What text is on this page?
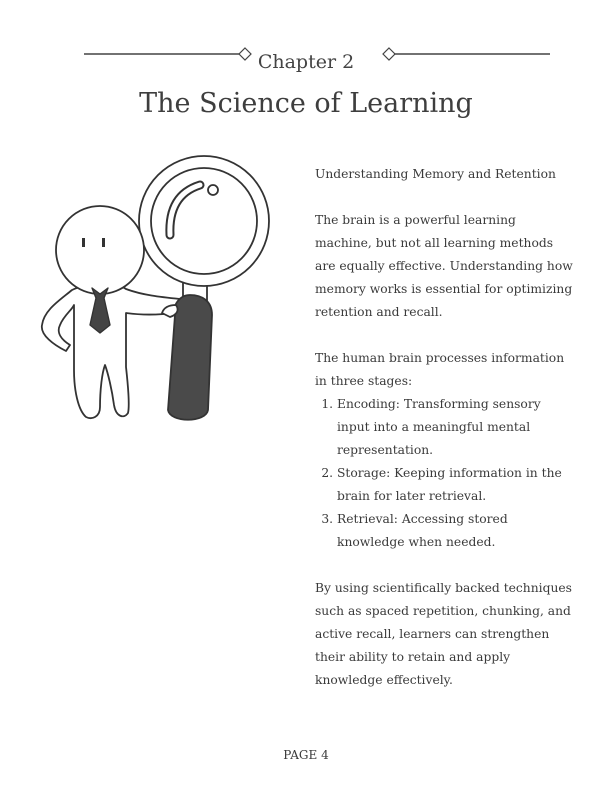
Chapter 2
The Science of Learning

Understanding Memory and Retention

The brain is a powerful learning machine, but not all learning methods are equally effective. Understanding how memory works is essential for optimizing retention and recall.

The human brain processes information in three stages:

1. Encoding: Transforming sensory input into a meaningful mental representation.
2. Storage: Keeping information in the brain for later retrieval.
3. Retrieval: Accessing stored knowledge when needed.

By using scientifically backed techniques such as spaced repetition, chunking, and active recall, learners can strengthen their ability to retain and apply knowledge effectively.

PAGE 4
